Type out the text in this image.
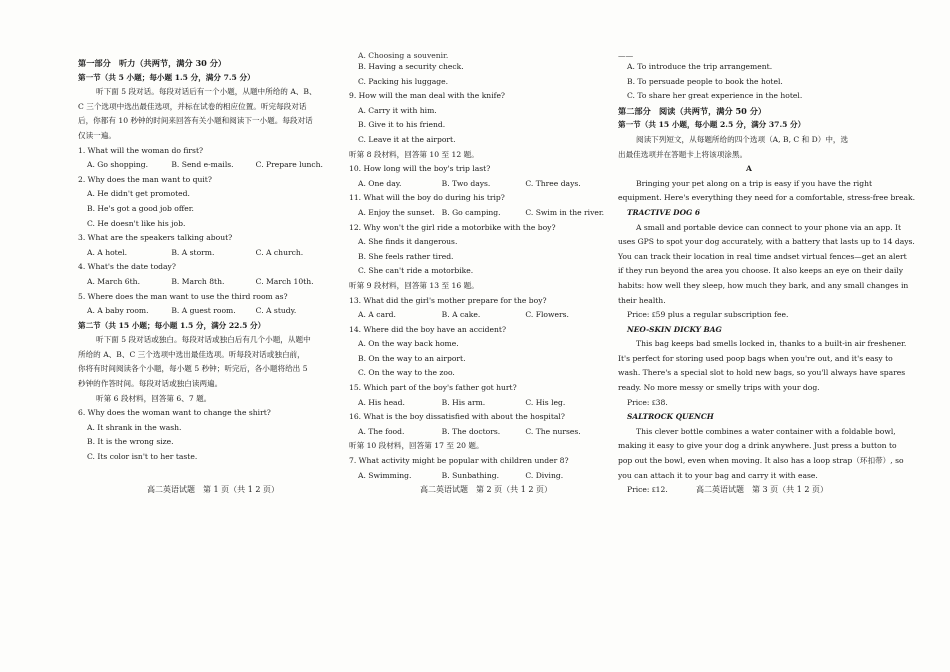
第一部分　听力（共两节，满分 30 分）
第一节（共 5 小题；每小题 1.5 分，满分 7.5 分）
听下面 5 段对话。每段对话后有一个小题，从题中所给的 A、B、
C 三个选项中选出最佳选项，并标在试卷的相应位置。听完每段对话
后，你都有 10 秒钟的时间来回答有关小题和阅读下一小题。每段对话
仅读一遍。
1. What will the woman do first?
A. Go shopping.	B. Send e-mails.	C. Prepare lunch.
2. Why does the man want to quit?
A. He didn't get promoted.
B. He's got a good job offer.
C. He doesn't like his job.
3. What are the speakers talking about?
A. A hotel.	B. A storm.	C. A church.
4. What's the date today?
A. March 6th.	B. March 8th.	C. March 10th.
5. Where does the man want to use the third room as?
A. A baby room.	B. A guest room.	C. A study.
第二节（共 15 小题；每小题 1.5 分，满分 22.5 分）
听下面 5 段对话或独白。每段对话或独白后有几个小题，从题中
所给的 A、B、C 三个选项中选出最佳选项。听每段对话或独白前，
你将有时间阅读各个小题，每小题 5 秒钟；听完后，各小题将给出 5
秒钟的作答时间。每段对话或独白读两遍。
听第 6 段材料，回答第 6、7 题。
6. Why does the woman want to change the shirt?
A. It shrank in the wash.
B. It is the wrong size.
C. Its color isn't to her taste.
A. Choosing a souvenir.
B. Having a security check.
C. Packing his luggage.
9. How will the man deal with the knife?
A. Carry it with him.
B. Give it to his friend.
C. Leave it at the airport.
听第 8 段材料，回答第 10 至 12 题。
10. How long will the boy's trip last?
A. One day.	B. Two days.	C. Three days.
11. What will the boy do during his trip?
A. Enjoy the sunset. B. Go camping.	C. Swim in the river.
12. Why won't the girl ride a motorbike with the boy?
A. She finds it dangerous.
B. She feels rather tired.
C. She can't ride a motorbike.
听第 9 段材料，回答第 13 至 16 题。
13. What did the girl's mother prepare for the boy?
A. A card.	B. A cake.	C. Flowers.
14. Where did the boy have an accident?
A. On the way back home.
B. On the way to an airport.
C. On the way to the zoo.
15. Which part of the boy's father got hurt?
A. His head.	B. His arm.	C. His leg.
16. What is the boy dissatisfied with about the hospital?
A. The food.	B. The doctors.	C. The nurses.
听第 10 段材料，回答第 17 至 20 题。
7. What activity might be popular with children under 8?
A. Swimming.	B. Sunbathing.	C. Diving.
——
A. To introduce the trip arrangement.
B. To persuade people to book the hotel.
C. To share her great experience in the hotel.
第二部分　阅读（共两节，满分 50 分）
第一节（共 15 小题，每小题 2.5 分，满分 37.5 分）
阅读下列短文，从每题所给的四个选项（A, B, C 和 D）中，选
出最佳选项并在答题卡上将该项涂黑。
A
Bringing your pet along on a trip is easy if you have the right
equipment. Here's everything they need for a comfortable, stress-free break.
TRACTIVE DOG 6
A small and portable device can connect to your phone via an app. It
uses GPS to spot your dog accurately, with a battery that lasts up to 14 days.
You can track their location in real time andset virtual fences—get an alert
if they run beyond the area you choose. It also keeps an eye on their daily
habits: how well they sleep, how much they bark, and any small changes in
their health.
Price: ₤59 plus a regular subscription fee.
NEO-SKIN DICKY BAG
This bag keeps bad smells locked in, thanks to a built-in air freshener.
It's perfect for storing used poop bags when you're out, and it's easy to
wash. There's a special slot to hold new bags, so you'll always have spares
ready. No more messy or smelly trips with your dog.
Price: ₤38.
SALTROCK QUENCH
This clever bottle combines a water container with a foldable bowl,
making it easy to give your dog a drink anywhere. Just press a button to
pop out the bowl, even when moving. It also has a loop strap（环扣带）, so
you can attach it to your bag and carry it with ease.
Price: ₤12.
高二英语试题　第 1 页（共 1 2 页）	高二英语试题　第 2 页（共 1 2 页）	高二英语试题　第 3 页（共 1 2 页）
